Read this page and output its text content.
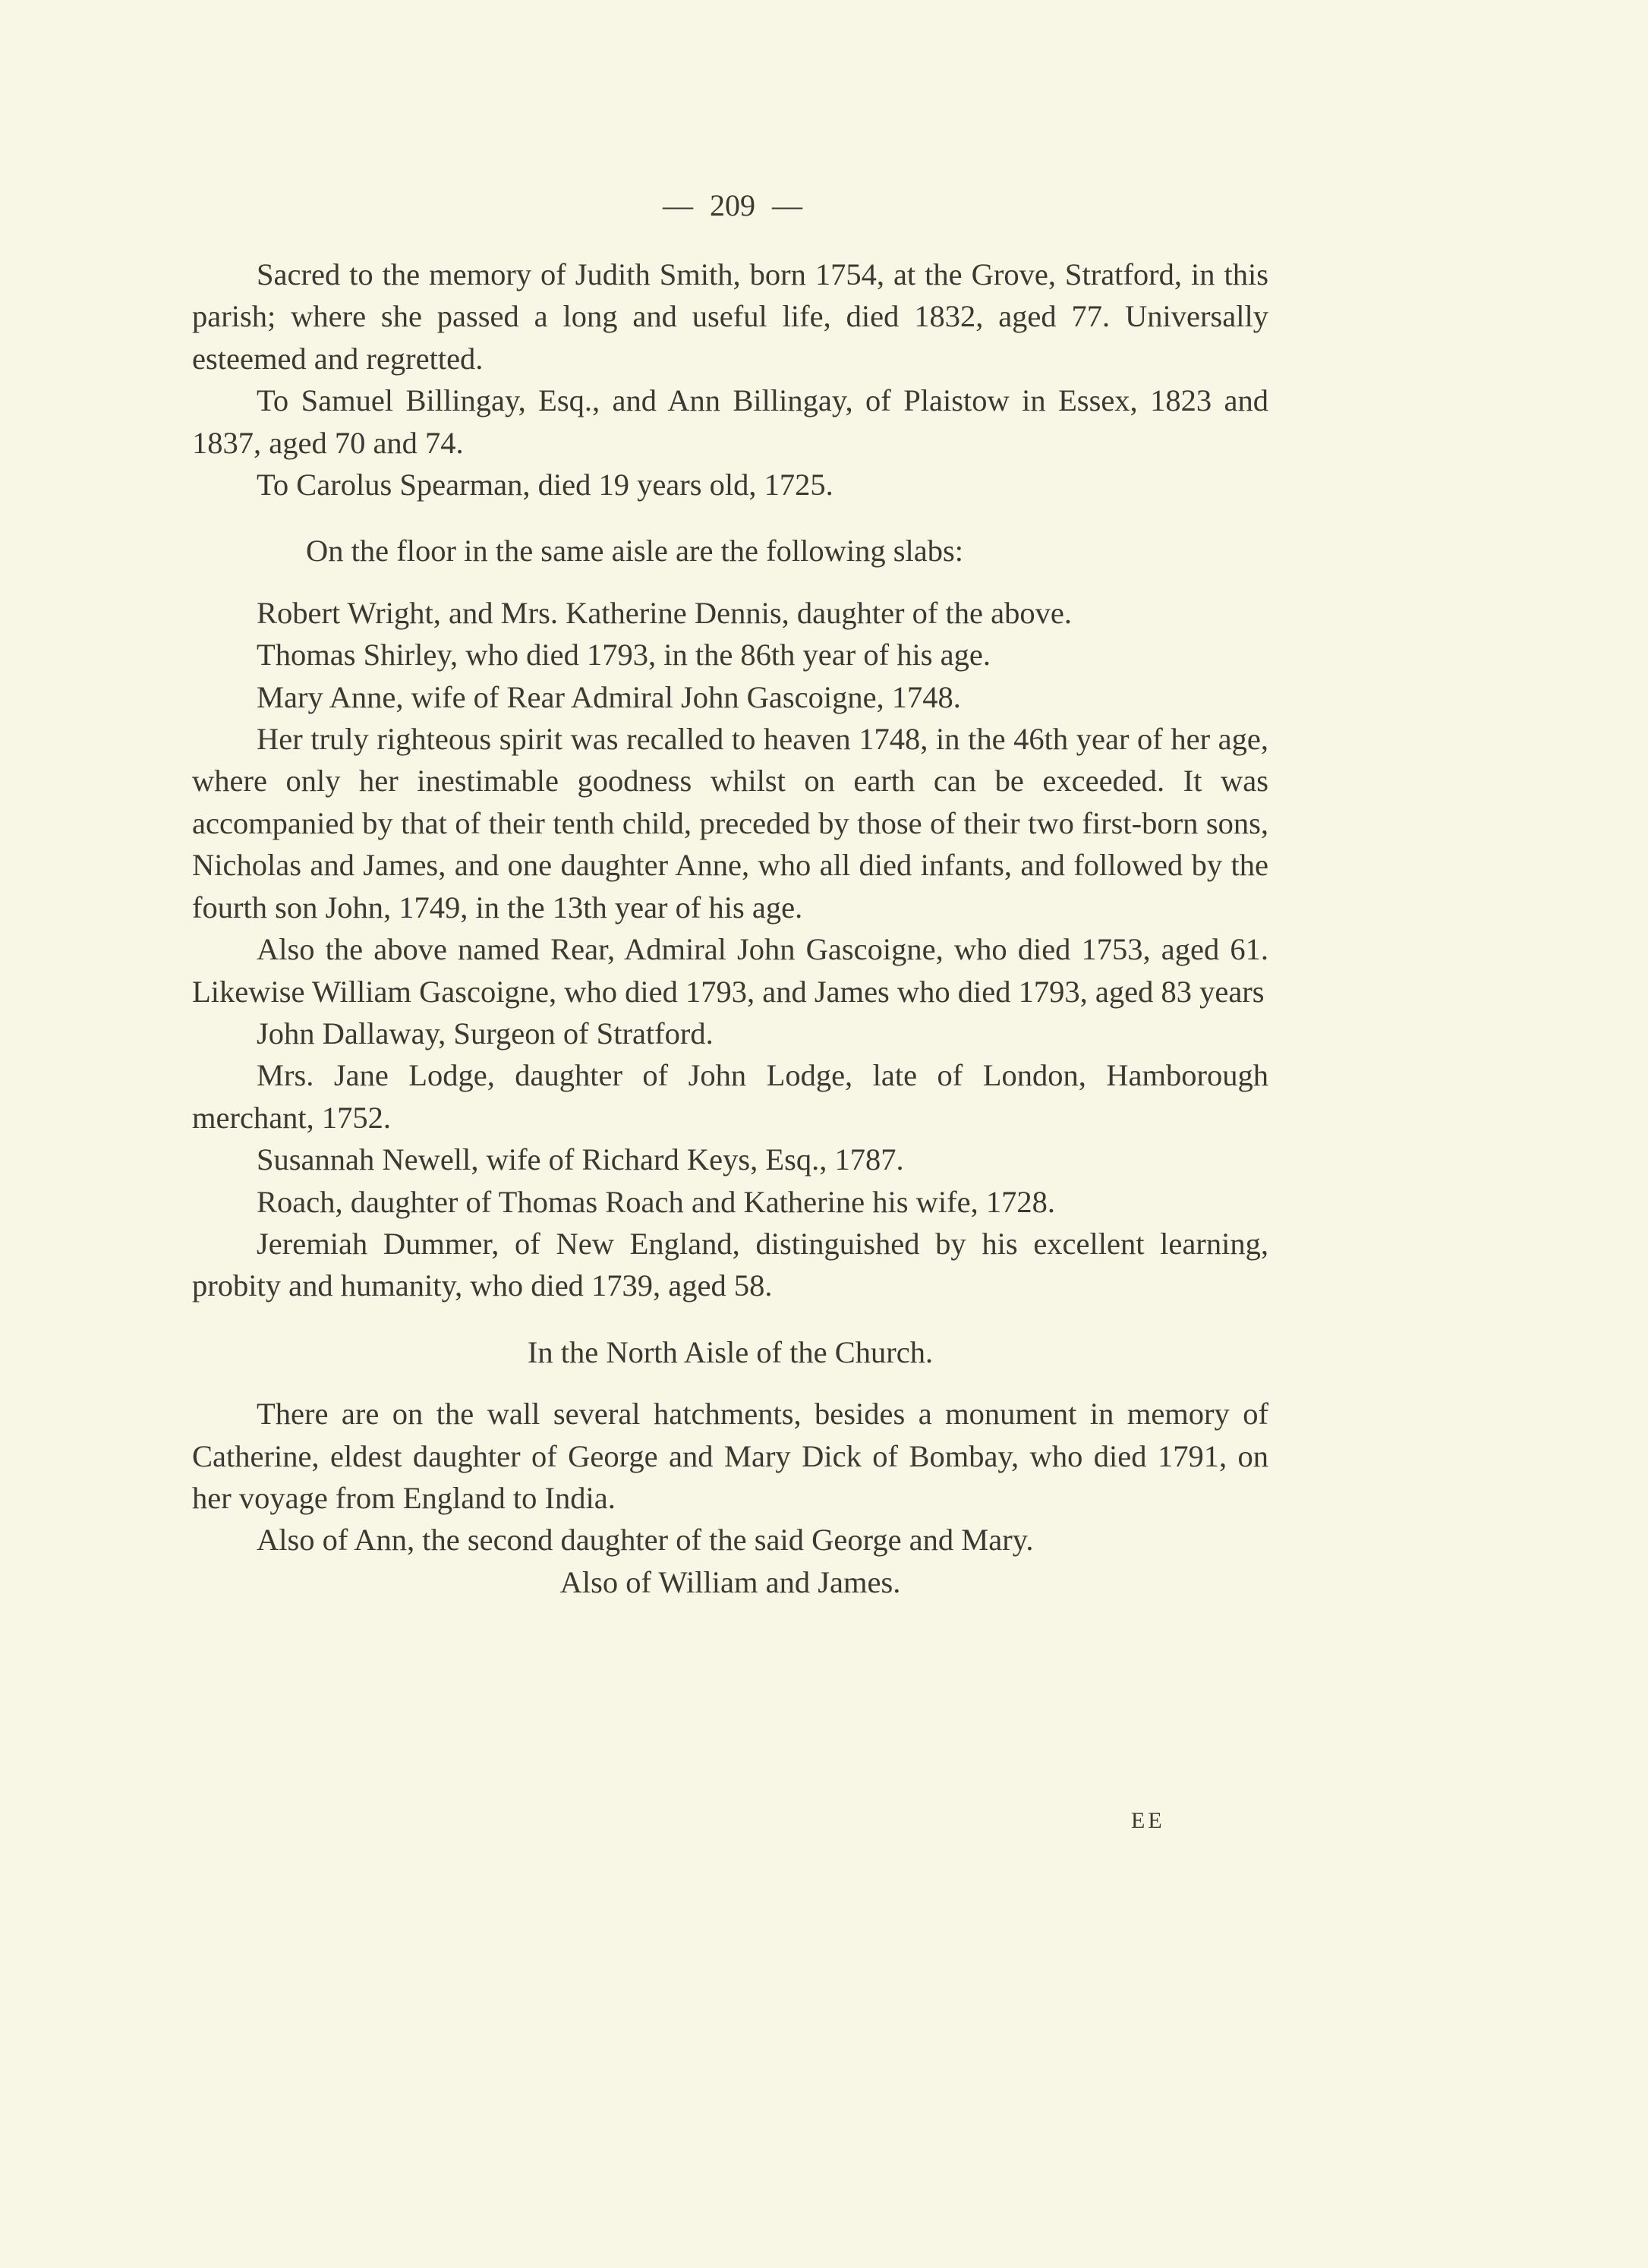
— 209 —

Sacred to the memory of Judith Smith, born 1754, at the Grove, Stratford, in this parish; where she passed a long and useful life, died 1832, aged 77. Universally esteemed and regretted.

To Samuel Billingay, Esq., and Ann Billingay, of Plaistow in Essex, 1823 and 1837, aged 70 and 74.

To Carolus Spearman, died 19 years old, 1725.

On the floor in the same aisle are the following slabs:

Robert Wright, and Mrs. Katherine Dennis, daughter of the above.

Thomas Shirley, who died 1793, in the 86th year of his age.

Mary Anne, wife of Rear Admiral John Gascoigne, 1748.

Her truly righteous spirit was recalled to heaven 1748, in the 46th year of her age, where only her inestimable goodness whilst on earth can be exceeded. It was accompanied by that of their tenth child, preceded by those of their two first-born sons, Nicholas and James, and one daughter Anne, who all died infants, and followed by the fourth son John, 1749, in the 13th year of his age.

Also the above named Rear, Admiral John Gascoigne, who died 1753, aged 61. Likewise William Gascoigne, who died 1793, and James who died 1793, aged 83 years

John Dallaway, Surgeon of Stratford.

Mrs. Jane Lodge, daughter of John Lodge, late of London, Hamborough merchant, 1752.

Susannah Newell, wife of Richard Keys, Esq., 1787.

Roach, daughter of Thomas Roach and Katherine his wife, 1728.

Jeremiah Dummer, of New England, distinguished by his excellent learning, probity and humanity, who died 1739, aged 58.

In the North Aisle of the Church.

There are on the wall several hatchments, besides a monument in memory of Catherine, eldest daughter of George and Mary Dick of Bombay, who died 1791, on her voyage from England to India.

Also of Ann, the second daughter of the said George and Mary.

Also of William and James.

EE
